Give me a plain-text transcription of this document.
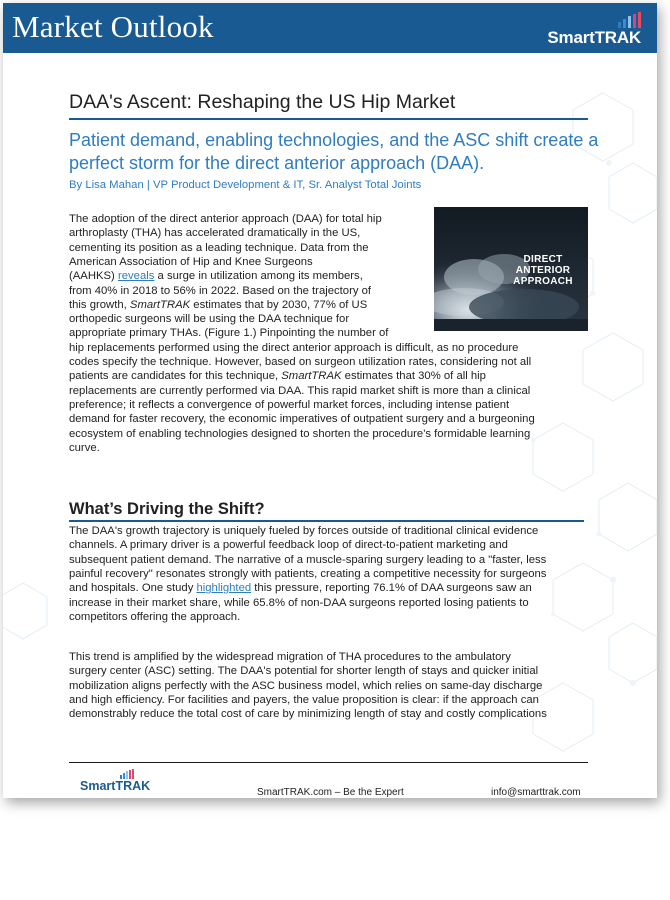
Market Outlook	SmartTRAK
DAA's Ascent: Reshaping the US Hip Market
Patient demand, enabling technologies, and the ASC shift create a perfect storm for the direct anterior approach (DAA).
By Lisa Mahan | VP Product Development & IT, Sr. Analyst Total Joints
DIRECT
ANTERIOR
APPROACH
The adoption of the direct anterior approach (DAA) for total hip
arthroplasty (THA) has accelerated dramatically in the US,
cementing its position as a leading technique. Data from the
American Association of Hip and Knee Surgeons
(AAHKS) reveals a surge in utilization among its members,
from 40% in 2018 to 56% in 2022. Based on the trajectory of
this growth, SmartTRAK estimates that by 2030, 77% of US
orthopedic surgeons will be using the DAA technique for
appropriate primary THAs. (Figure 1.) Pinpointing the number of
hip replacements performed using the direct anterior approach is difficult, as no procedure
codes specify the technique. However, based on surgeon utilization rates, considering not all
patients are candidates for this technique, SmartTRAK estimates that 30% of all hip
replacements are currently performed via DAA. This rapid market shift is more than a clinical
preference; it reflects a convergence of powerful market forces, including intense patient
demand for faster recovery, the economic imperatives of outpatient surgery and a burgeoning
ecosystem of enabling technologies designed to shorten the procedure's formidable learning
curve.
What’s Driving the Shift?
The DAA's growth trajectory is uniquely fueled by forces outside of traditional clinical evidence
channels. A primary driver is a powerful feedback loop of direct-to-patient marketing and
subsequent patient demand. The narrative of a muscle-sparing surgery leading to a "faster, less
painful recovery" resonates strongly with patients, creating a competitive necessity for surgeons
and hospitals. One study highlighted this pressure, reporting 76.1% of DAA surgeons saw an
increase in their market share, while 65.8% of non-DAA surgeons reported losing patients to
competitors offering the approach.
This trend is amplified by the widespread migration of THA procedures to the ambulatory
surgery center (ASC) setting. The DAA's potential for shorter length of stays and quicker initial
mobilization aligns perfectly with the ASC business model, which relies on same-day discharge
and high efficiency. For facilities and payers, the value proposition is clear: if the approach can
demonstrably reduce the total cost of care by minimizing length of stay and costly complications
SmartTRAK	SmartTRAK.com – Be the Expert	info@smarttrak.com
